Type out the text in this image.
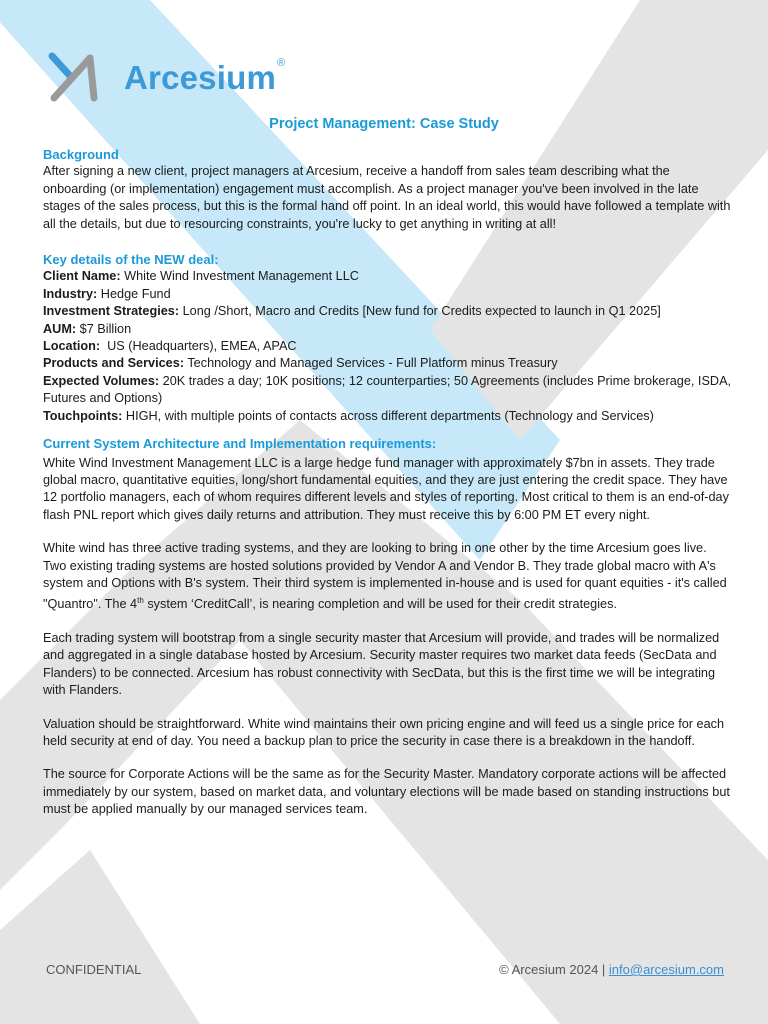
Arcesium®
Project Management: Case Study
Background

After signing a new client, project managers at Arcesium, receive a handoff from sales team describing what the onboarding (or implementation) engagement must accomplish. As a project manager you've been involved in the late stages of the sales process, but this is the formal hand off point. In an ideal world, this would have followed a template with all the details, but due to resourcing constraints, you're lucky to get anything in writing at all!

Key details of the NEW deal:
Client Name: White Wind Investment Management LLC
Industry: Hedge Fund
Investment Strategies: Long /Short, Macro and Credits [New fund for Credits expected to launch in Q1 2025]
AUM: $7 Billion
Location:  US (Headquarters), EMEA, APAC
Products and Services: Technology and Managed Services - Full Platform minus Treasury
Expected Volumes: 20K trades a day; 10K positions; 12 counterparties; 50 Agreements (includes Prime brokerage, ISDA, Futures and Options)
Touchpoints: HIGH, with multiple points of contacts across different departments (Technology and Services)
Current System Architecture and Implementation requirements:

White Wind Investment Management LLC is a large hedge fund manager with approximately $7bn in assets. They trade global macro, quantitative equities, long/short fundamental equities, and they are just entering the credit space. They have 12 portfolio managers, each of whom requires different levels and styles of reporting. Most critical to them is an end-of-day flash PNL report which gives daily returns and attribution. They must receive this by 6:00 PM ET every night.

White wind has three active trading systems, and they are looking to bring in one other by the time Arcesium goes live. Two existing trading systems are hosted solutions provided by Vendor A and Vendor B. They trade global macro with A's system and Options with B's system. Their third system is implemented in-house and is used for quant equities - it's called "Quantro". The 4th system ‘CreditCall’, is nearing completion and will be used for their credit strategies.

Each trading system will bootstrap from a single security master that Arcesium will provide, and trades will be normalized and aggregated in a single database hosted by Arcesium. Security master requires two market data feeds (SecData and Flanders) to be connected. Arcesium has robust connectivity with SecData, but this is the first time we will be integrating with Flanders.

Valuation should be straightforward. White wind maintains their own pricing engine and will feed us a single price for each held security at end of day. You need a backup plan to price the security in case there is a breakdown in the handoff.

The source for Corporate Actions will be the same as for the Security Master. Mandatory corporate actions will be affected immediately by our system, based on market data, and voluntary elections will be made based on standing instructions but must be applied manually by our managed services team.

CONFIDENTIAL	© Arcesium 2024 | info@arcesium.com
